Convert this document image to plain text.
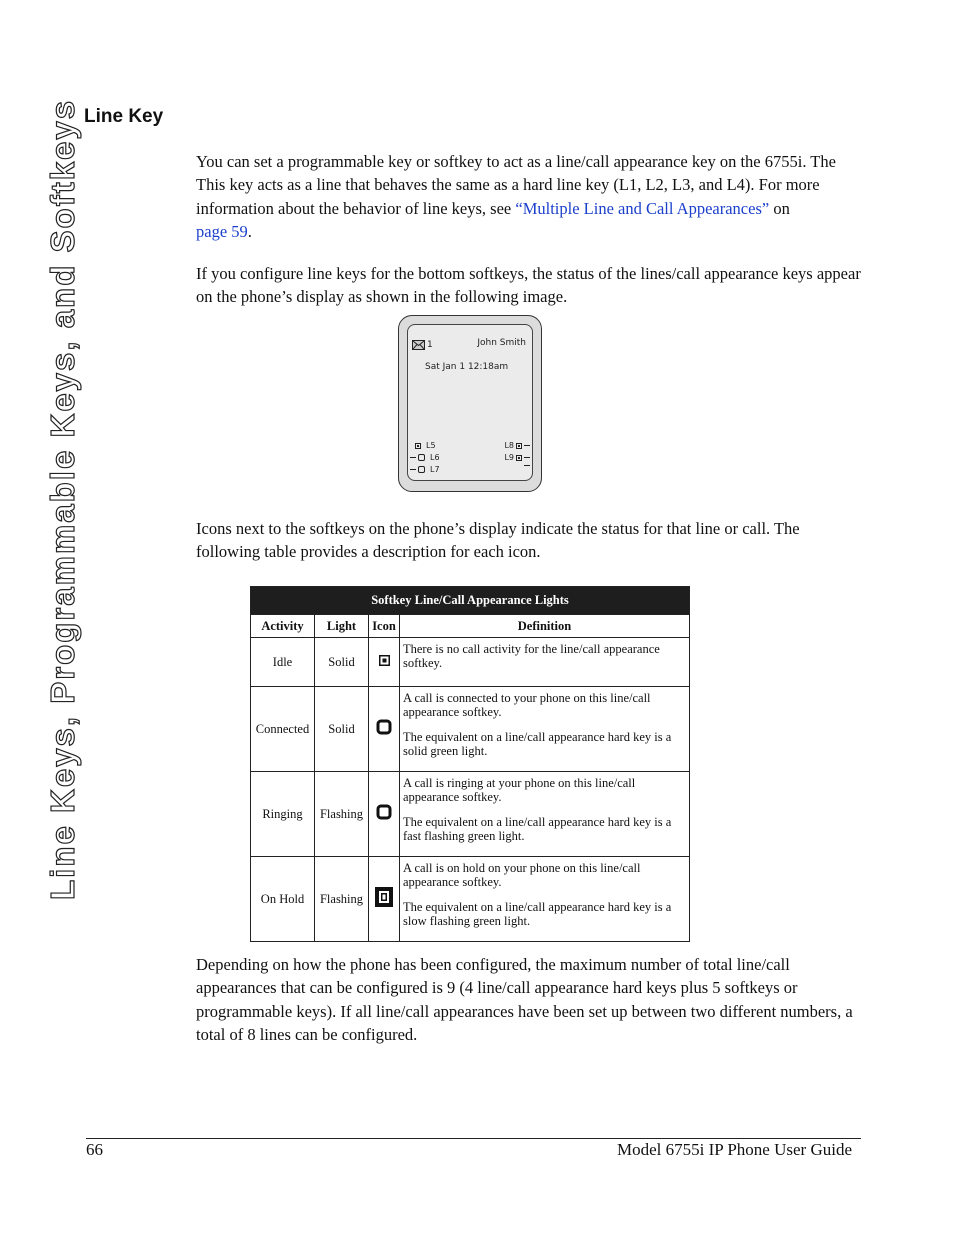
Line Keys, Programmable Keys, and Softkeys Line Key

You can set a programmable key or softkey to act as a line/call appearance key on the 6755i. The This key acts as a line that behaves the same as a hard line key (L1, L2, L3, and L4). For more information about the behavior of line keys, see “Multiple Line and Call Appearances” on
page 59.

If you configure line keys for the bottom softkeys, the status of the lines/call appearance keys appear on the phone’s display as shown in the following image.

1	John Smith
Sat Jan 1 12:18am
L5
L6
L7
L8
L9

Icons next to the softkeys on the phone’s display indicate the status for that line or call. The following table provides a description for each icon.

Softkey Line/Call Appearance Lights			
Activity	Light	Icon	Definition
Idle	Solid		There is no call activity for the line/call appearance softkey.

Connected	Solid		A call is connected to your phone on this line/call appearance softkey.

The equivalent on a line/call appearance hard key is a solid green light.

Ringing	Flashing		A call is ringing at your phone on this line/call appearance softkey.

The equivalent on a line/call appearance hard key is a fast flashing green light.

On Hold	Flashing		A call is on hold on your phone on this line/call appearance softkey.

The equivalent on a line/call appearance hard key is a slow flashing green light.

Depending on how the phone has been configured, the maximum number of total line/call appearances that can be configured is 9 (4 line/call appearance hard keys plus 5 softkeys or programmable keys). If all line/call appearances have been set up between two different numbers, a total of 8 lines can be configured.

66	Model 6755i IP Phone User Guide
